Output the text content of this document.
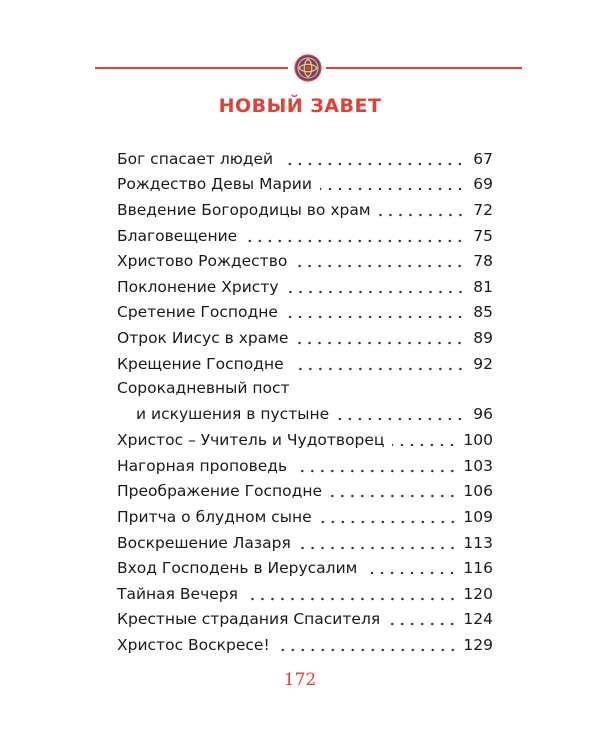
НОВЫЙ ЗАВЕТ
Бог спасает людей	67
Рождество Девы Марии	69
Введение Богородицы во храм	72
Благовещение	75
Христово Рождество	78
Поклонение Христу	81
Сретение Господне	85
Отрок Иисус в храме	89
Крещение Господне	92
Сорокадневный пост
и искушения в пустыне	96
Христос – Учитель и Чудотворец	100
Нагорная проповедь	103
Преображение Господне	106
Притча о блудном сыне	109
Воскрешение Лазаря	113
Вход Господень в Иерусалим	116
Тайная Вечеря	120
Крестные страдания Спасителя	124
Христос Воскресе!	129

172
